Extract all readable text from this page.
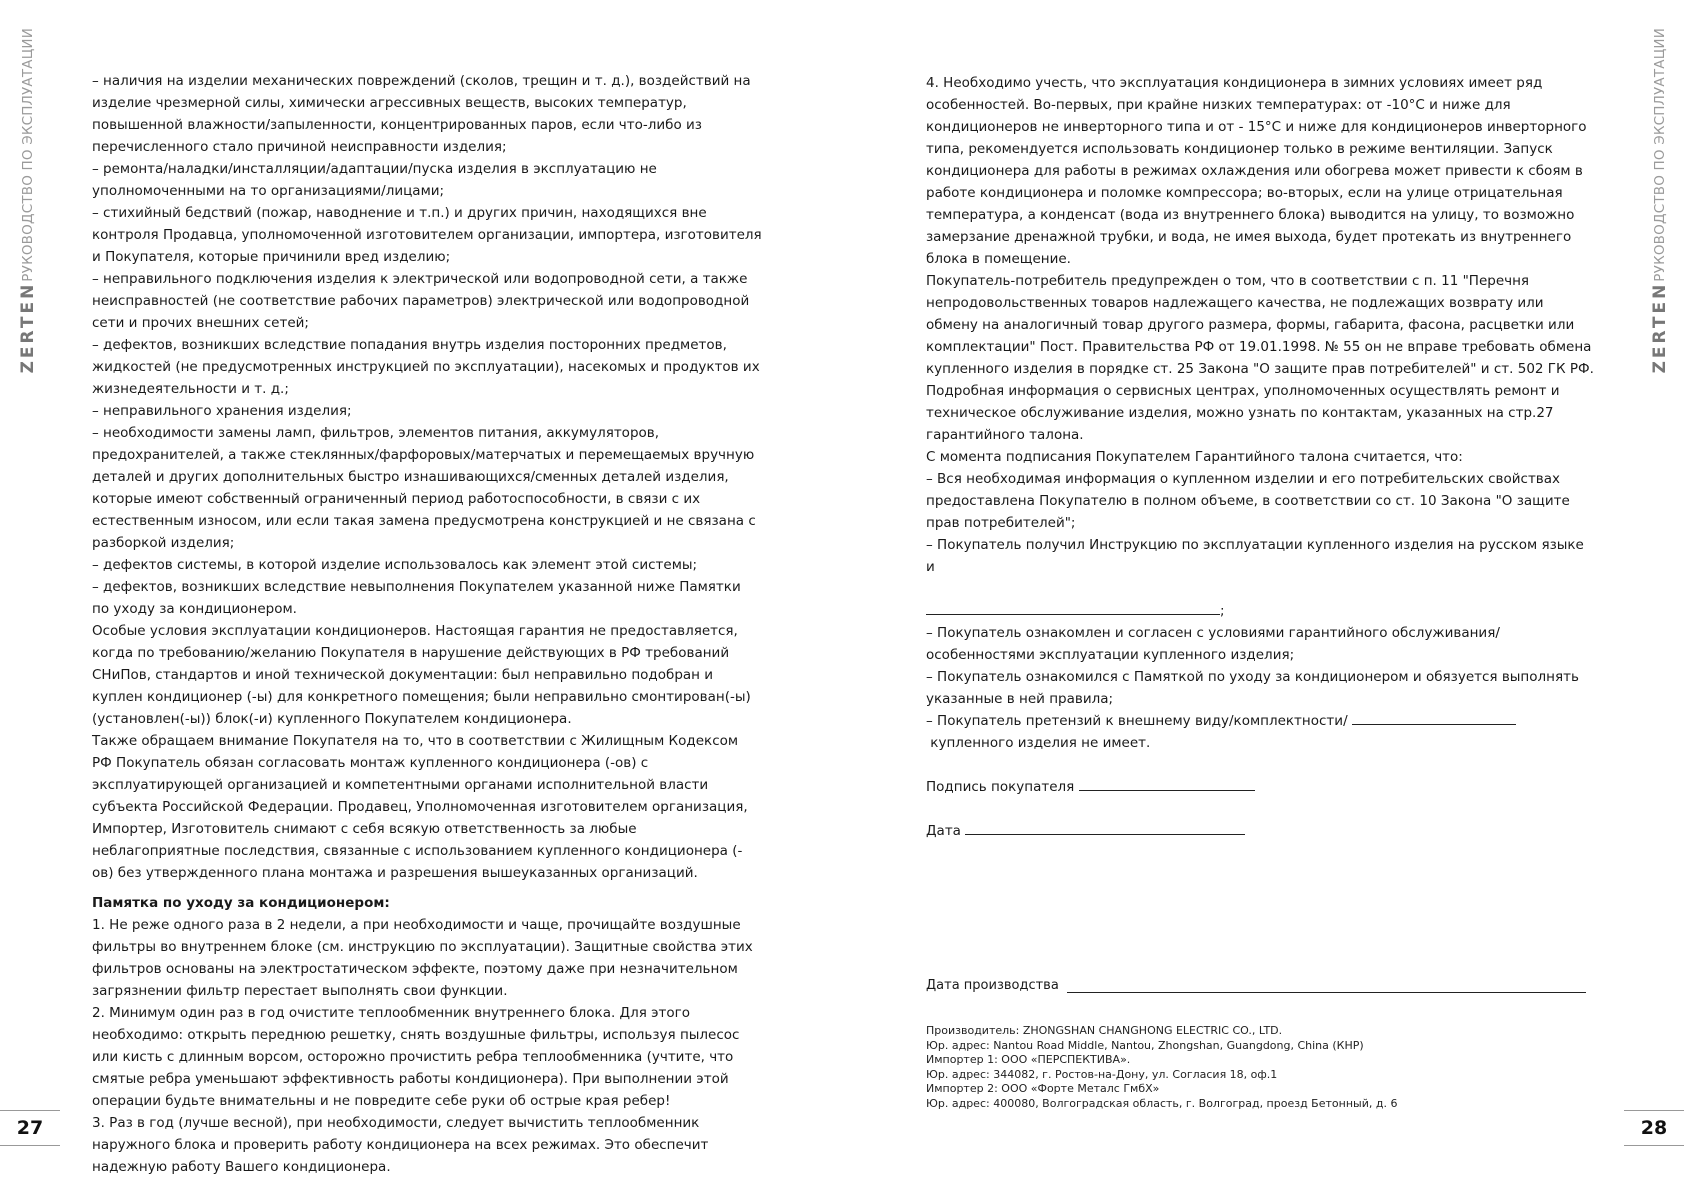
РУКОВОДСТВО ПО ЭКСПЛУАТАЦИИ
ZERTEN
РУКОВОДСТВО ПО ЭКСПЛУАТАЦИИ
ZERTEN

– наличия на изделии механических повреждений (сколов, трещин и т. д.), воздействий на изделие чрезмерной силы, химически агрессивных веществ, высоких температур, повышенной влажности/запыленности, концентрированных паров, если что-либо из перечисленного стало причиной неисправности изделия;

– ремонта/наладки/инсталляции/адаптации/пуска изделия в эксплуатацию не уполномоченными на то организациями/лицами;

– стихийный бедствий (пожар, наводнение и т.п.) и других причин, находящихся вне контроля Продавца, уполномоченной изготовителем организации, импортера, изготовителя и Покупателя, которые причинили вред изделию;

– неправильного подключения изделия к электрической или водопроводной сети, а также неисправностей (не соответствие рабочих параметров) электрической или водопроводной сети и прочих внешних сетей;

– дефектов, возникших вследствие попадания внутрь изделия посторонних предметов, жидкостей (не предусмотренных инструкцией по эксплуатации), насекомых и продуктов их жизнедеятельности и т. д.;

– неправильного хранения изделия;

– необходимости замены ламп, фильтров, элементов питания, аккумуляторов, предохранителей, а также стеклянных/фарфоровых/матерчатых и перемещаемых вручную деталей и других дополнительных быстро изнашивающихся/сменных деталей изделия, которые имеют собственный ограниченный период работоспособности, в связи с их естественным износом, или если такая замена предусмотрена конструкцией и не связана с разборкой изделия;

– дефектов системы, в которой изделие использовалось как элемент этой системы;

– дефектов, возникших вследствие невыполнения Покупателем указанной ниже Памятки по уходу за кондиционером.

Особые условия эксплуатации кондиционеров. Настоящая гарантия не предоставляется, когда по требованию/желанию Покупателя в нарушение действующих в РФ требований СНиПов, стандартов и иной технической документации: был неправильно подобран и куплен кондиционер (-ы) для конкретного помещения; были неправильно смонтирован(-ы) (установлен(-ы)) блок(-и) купленного Покупателем кондиционера.

Также обращаем внимание Покупателя на то, что в соответствии с Жилищным Кодексом РФ Покупатель обязан согласовать монтаж купленного кондиционера (-ов) с эксплуатирующей организацией и компетентными органами исполнительной власти субъекта Российской Федерации. Продавец, Уполномоченная изготовителем организация, Импортер, Изготовитель снимают с себя всякую ответственность за любые неблагоприятные последствия, связанные с использованием купленного кондиционера (-ов) без утвержденного плана монтажа и разрешения вышеуказанных организаций.

Памятка по уходу за кондиционером:

1. Не реже одного раза в 2 недели, а при необходимости и чаще, прочищайте воздушные фильтры во внутреннем блоке (см. инструкцию по эксплуатации). Защитные свойства этих фильтров основаны на электростатическом эффекте, поэтому даже при незначительном загрязнении фильтр перестает выполнять свои функции.

2. Минимум один раз в год очистите теплообменник внутреннего блока. Для этого необходимо: открыть переднюю решетку, снять воздушные фильтры, используя пылесос или кисть с длинным ворсом, осторожно прочистить ребра теплообменника (учтите, что смятые ребра уменьшают эффективность работы кондиционера). При выполнении этой операции будьте внимательны и не повредите себе руки об острые края ребер!

3. Раз в год (лучше весной), при необходимости, следует вычистить теплообменник наружного блока и проверить работу кондиционера на всех режимах. Это обеспечит надежную работу Вашего кондиционера.

4. Необходимо учесть, что эксплуатация кондиционера в зимних условиях имеет ряд особенностей. Во-первых, при крайне низких температурах: от -10°С и ниже для кондиционеров не инверторного типа и от - 15°С и ниже для кондиционеров инверторного типа, рекомендуется использовать кондиционер только в режиме вентиляции. Запуск кондиционера для работы в режимах охлаждения или обогрева может привести к сбоям в работе кондиционера и поломке компрессора; во-вторых, если на улице отрицательная температура, а конденсат (вода из внутреннего блока) выводится на улицу, то возможно замерзание дренажной трубки, и вода, не имея выхода, будет протекать из внутреннего блока в помещение.

Покупатель-потребитель предупрежден о том, что в соответствии с п. 11 "Перечня непродовольственных товаров надлежащего качества, не подлежащих возврату или обмену на аналогичный товар другого размера, формы, габарита, фасона, расцветки или комплектации" Пост. Правительства РФ от 19.01.1998. № 55 он не вправе требовать обмена купленного изделия в порядке ст. 25 Закона "О защите прав потребителей" и ст. 502 ГК РФ. Подробная информация о сервисных центрах, уполномоченных осуществлять ремонт и техническое обслуживание изделия, можно узнать по контактам, указанных на стр.27 гарантийного талона.

С момента подписания Покупателем Гарантийного талона считается, что:

– Вся необходимая информация о купленном изделии и его потребительских свойствах предоставлена Покупателю в полном объеме, в соответствии со ст. 10 Закона "О защите прав потребителей";

– Покупатель получил Инструкцию по эксплуатации купленного изделия на русском языке и

;

– Покупатель ознакомлен и согласен с условиями гарантийного обслуживания/ особенностями эксплуатации купленного изделия;

– Покупатель ознакомился с Памяткой по уходу за кондиционером и обязуется выполнять указанные в ней правила;

– Покупатель претензий к внешнему виду/комплектности/  купленного изделия не имеет.

Подпись покупателя

Дата

Дата производства

Производитель: ZHONGSHAN CHANGHONG ELECTRIC CO., LTD.

Юр. адрес: Nantou Road Middle, Nantou, Zhongshan, Guangdong, China (КНР)

Импортер 1: ООО «ПЕРСПЕКТИВА».

Юр. адрес: 344082, г. Ростов-на-Дону, ул. Согласия 18, оф.1

Импортер 2: ООО «Форте Металс ГмбХ»

Юр. адрес: 400080, Волгоградская область, г. Волгоград, проезд Бетонный, д. 6

27	28
